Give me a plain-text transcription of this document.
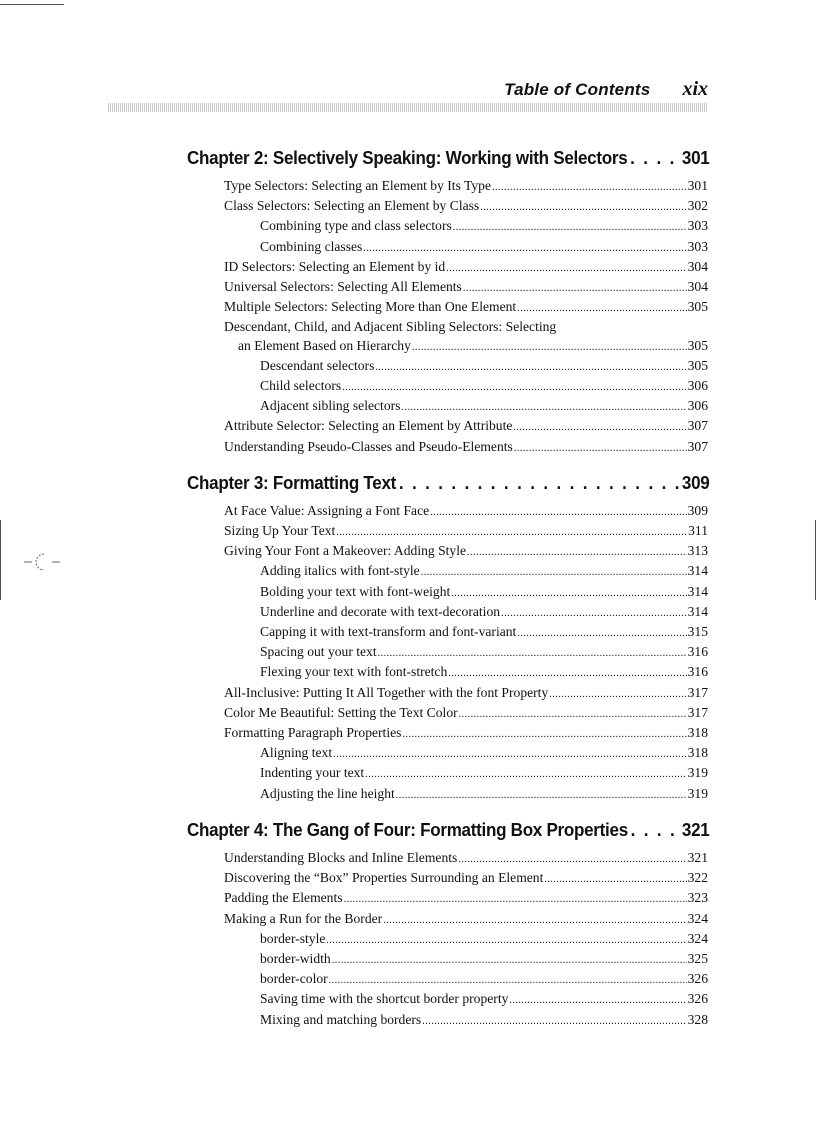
Table of Contents xix
Chapter 2: Selectively Speaking: Working with Selectors . . .	301
Type Selectors: Selecting an Element by Its Type .....	301
Class Selectors: Selecting an Element by Class .....	302
Combining type and class selectors .....	303
Combining classes .....	303
ID Selectors: Selecting an Element by id .....	304
Universal Selectors: Selecting All Elements .....	304
Multiple Selectors: Selecting More than One Element .....	305
Descendant, Child, and Adjacent Sibling Selectors: Selecting
an Element Based on Hierarchy .....	305
Descendant selectors .....	305
Child selectors .....	306
Adjacent sibling selectors .....	306
Attribute Selector: Selecting an Element by Attribute .....	307
Understanding Pseudo-Classes and Pseudo-Elements .....	307
Chapter 3: Formatting Text . . .	309
At Face Value: Assigning a Font Face .....	309
Sizing Up Your Text .....	311
Giving Your Font a Makeover: Adding Style .....	313
Adding italics with font-style .....	314
Bolding your text with font-weight .....	314
Underline and decorate with text-decoration .....	314
Capping it with text-transform and font-variant .....	315
Spacing out your text .....	316
Flexing your text with font-stretch .....	316
All-Inclusive: Putting It All Together with the font Property .....	317
Color Me Beautiful: Setting the Text Color .....	317
Formatting Paragraph Properties .....	318
Aligning text .....	318
Indenting your text .....	319
Adjusting the line height .....	319
Chapter 4: The Gang of Four: Formatting Box Properties . . .	321
Understanding Blocks and Inline Elements .....	321
Discovering the “Box” Properties Surrounding an Element .....	322
Padding the Elements .....	323
Making a Run for the Border .....	324
border-style .....	324
border-width .....	325
border-color .....	326
Saving time with the shortcut border property .....	326
Mixing and matching borders .....	328
